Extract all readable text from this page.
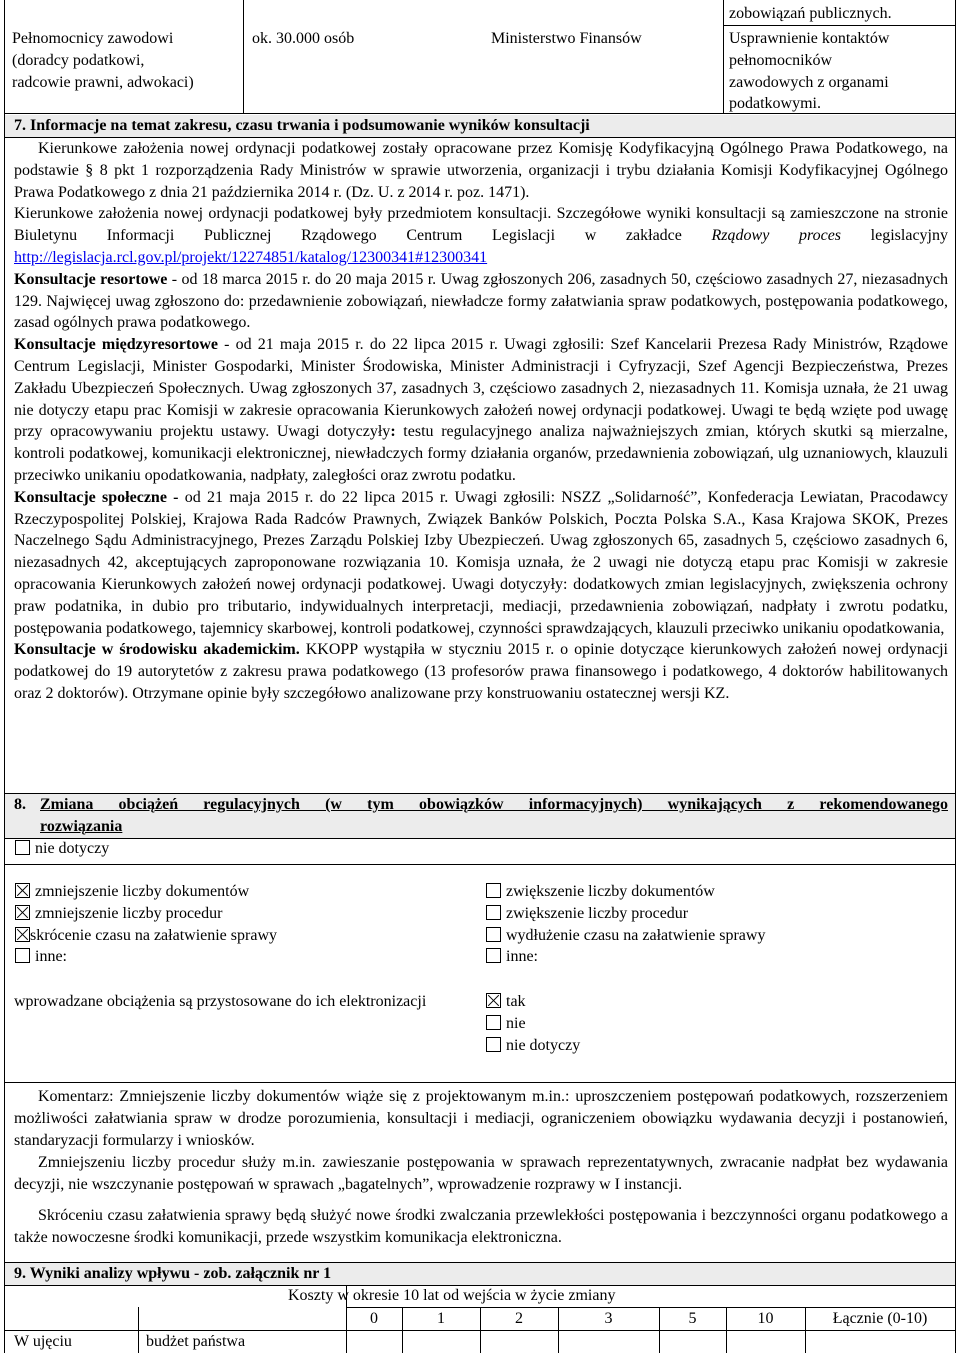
zobowiązań publicznych.
Pełnomocnicy zawodowi
(doradcy podatkowi,
radcowie prawni, adwokaci)
ok. 30.000 osób	Ministerstwo Finansów	Usprawnienie kontaktów
pełnomocników
zawodowych z organami
podatkowymi.
7. Informacje na temat zakresu, czasu trwania i podsumowanie wyników konsultacji
Kierunkowe założenia nowej ordynacji podatkowej zostały opracowane przez Komisję Kodyfikacyjną Ogólnego Prawa Podatkowego, na podstawie § 8 pkt 1 rozporządzenia Rady Ministrów w sprawie utworzenia, organizacji i trybu działania Komisji Kodyfikacyjnej Ogólnego Prawa Podatkowego z dnia 21 października 2014 r. (Dz. U. z 2014 r. poz. 1471).
Kierunkowe założenia nowej ordynacji podatkowej były przedmiotem konsultacji. Szczegółowe wyniki konsultacji są zamieszczone na stronie Biuletynu Informacji Publicznej Rządowego Centrum Legislacji w zakładce Rządowy proces legislacyjny http://legislacja.rcl.gov.pl/projekt/12274851/katalog/12300341#12300341
Konsultacje resortowe - od 18 marca 2015 r. do 20 maja 2015 r. Uwag zgłoszonych 206, zasadnych 50, częściowo zasadnych 27, niezasadnych 129. Najwięcej uwag zgłoszono do: przedawnienie zobowiązań, niewładcze formy załatwiania spraw podatkowych, postępowania podatkowego, zasad ogólnych prawa podatkowego.
Konsultacje międzyresortowe - od 21 maja 2015 r. do 22 lipca 2015 r. Uwagi zgłosili: Szef Kancelarii Prezesa Rady Ministrów, Rządowe Centrum Legislacji, Minister Gospodarki, Minister Środowiska, Minister Administracji i Cyfryzacji, Szef Agencji Bezpieczeństwa, Prezes Zakładu Ubezpieczeń Społecznych. Uwag zgłoszonych 37, zasadnych 3, częściowo zasadnych 2, niezasadnych 11. Komisja uznała, że 21 uwag nie dotyczy etapu prac Komisji w zakresie opracowania Kierunkowych założeń nowej ordynacji podatkowej. Uwagi te będą wzięte pod uwagę przy opracowywaniu projektu ustawy. Uwagi dotyczyły: testu regulacyjnego analiza najważniejszych zmian, których skutki są mierzalne, kontroli podatkowej, komunikacji elektronicznej, niewładczych formy działania organów, przedawnienia zobowiązań, ulg uznaniowych, klauzuli przeciwko unikaniu opodatkowania, nadpłaty, zaległości oraz zwrotu podatku.
Konsultacje społeczne - od 21 maja 2015 r. do 22 lipca 2015 r. Uwagi zgłosili: NSZZ „Solidarność”, Konfederacja Lewiatan, Pracodawcy Rzeczypospolitej Polskiej, Krajowa Rada Radców Prawnych, Związek Banków Polskich, Poczta Polska S.A., Kasa Krajowa SKOK, Prezes Naczelnego Sądu Administracyjnego, Prezes Zarządu Polskiej Izby Ubezpieczeń. Uwag zgłoszonych 65, zasadnych 5, częściowo zasadnych 6, niezasadnych 42, akceptujących zaproponowane rozwiązania 10. Komisja uznała, że 2 uwagi nie dotyczą etapu prac Komisji w zakresie opracowania Kierunkowych założeń nowej ordynacji podatkowej. Uwagi dotyczyły: dodatkowych zmian legislacyjnych, zwiększenia ochrony praw podatnika, in dubio pro tributario, indywidualnych interpretacji, mediacji, przedawnienia zobowiązań, nadpłaty i zwrotu podatku, postępowania podatkowego, tajemnicy skarbowej, kontroli podatkowej, czynności sprawdzających, klauzuli przeciwko unikaniu opodatkowania,
Konsultacje w środowisku akademickim. KKOPP wystąpiła w styczniu 2015 r. o opinie dotyczące kierunkowych założeń nowej ordynacji podatkowej do 19 autorytetów z zakresu prawa podatkowego (13 profesorów prawa finansowego i podatkowego, 4 doktorów habilitowanych oraz 2 doktorów). Otrzymane opinie były szczegółowo analizowane przy konstruowaniu ostatecznej wersji KZ.
8. Zmiana obciążeń regulacyjnych (w tym obowiązków informacyjnych) wynikających z rekomendowanego
rozwiązania
nie dotyczy
zmniejszenie liczby dokumentów
zmniejszenie liczby procedur
skrócenie czasu na załatwienie sprawy
inne:
zwiększenie liczby dokumentów
zwiększenie liczby procedur
wydłużenie czasu na załatwienie sprawy
inne:
wprowadzane obciążenia są przystosowane do ich elektronizacji	tak
nie
nie dotyczy
Komentarz: Zmniejszenie liczby dokumentów wiąże się z projektowanym m.in.: uproszczeniem postępowań podatkowych, rozszerzeniem możliwości załatwiania spraw w drodze porozumienia, konsultacji i mediacji, ograniczeniem obowiązku wydawania decyzji i postanowień, standaryzacji formularzy i wniosków.
Zmniejszeniu liczby procedur służy m.in. zawieszanie postępowania w sprawach reprezentatywnych, zwracanie nadpłat bez wydawania decyzji, nie wszczynanie postępowań w sprawach „bagatelnych”, wprowadzenie rozprawy w I instancji.
Skróceniu czasu załatwienia sprawy będą służyć nowe środki zwalczania przewlekłości postępowania i bezczynności organu podatkowego a także nowoczesne środki komunikacji, przede wszystkim komunikacja elektroniczna.
9. Wyniki analizy wpływu - zob. załącznik nr 1
Koszty w okresie 10 lat od wejścia w życie zmiany
0	1	2	3	5	10	Łącznie (0-10)
W ujęciu	budżet państwa
